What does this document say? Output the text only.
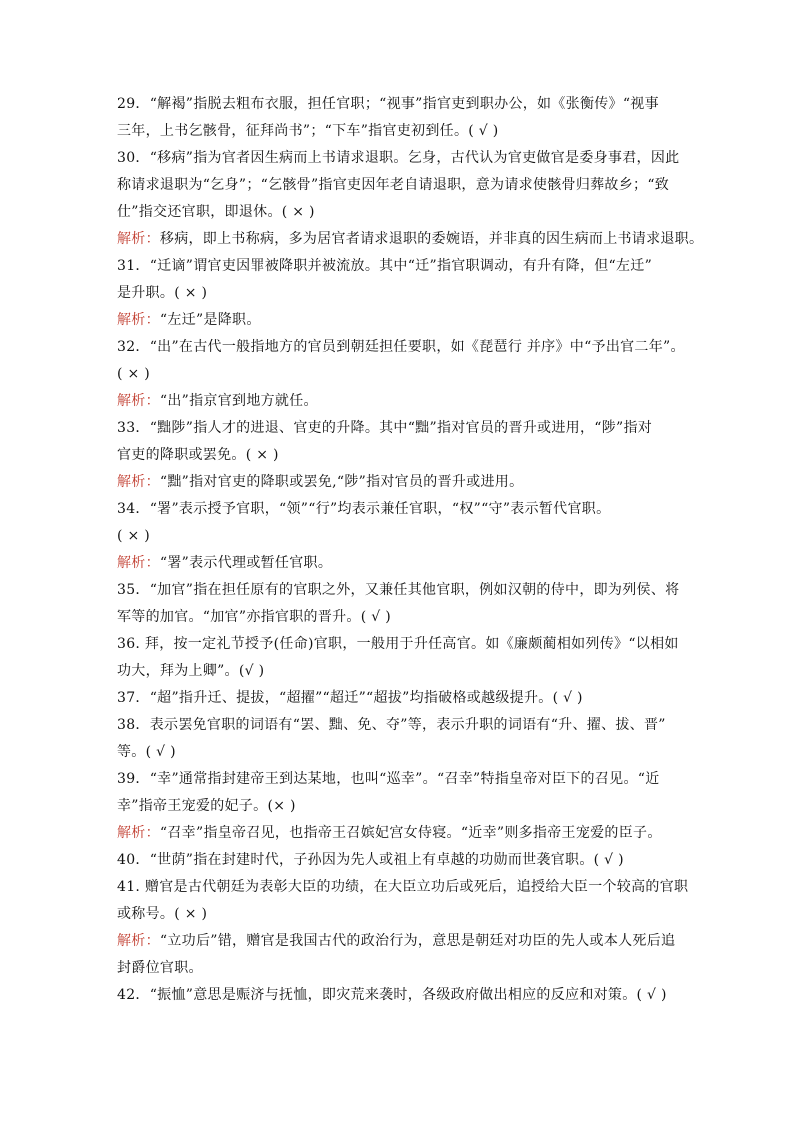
29．“解褐”指脱去粗布衣服，担任官职；“视事”指官吏到职办公，如《张衡传》“视事
三年，上书乞骸骨，征拜尚书”；“下车”指官吏初到任。( √ )
30．“移病”指为官者因生病而上书请求退职。乞身，古代认为官吏做官是委身事君，因此
称请求退职为“乞身”；“乞骸骨”指官吏因年老自请退职，意为请求使骸骨归葬故乡；“致
仕”指交还官职，即退休。( × )
解析：移病，即上书称病，多为居官者请求退职的委婉语，并非真的因生病而上书请求退职。
31．“迁谪”谓官吏因罪被降职并被流放。其中“迁”指官职调动，有升有降，但“左迁”
是升职。( × )
解析：“左迁”是降职。
32．“出”在古代一般指地方的官员到朝廷担任要职，如《琵琶行 并序》中“予出官二年”。
( × )
解析：“出”指京官到地方就任。
33．“黜陟”指人才的进退、官吏的升降。其中“黜”指对官员的晋升或进用，“陟”指对
官吏的降职或罢免。( × )
解析：“黜”指对官吏的降职或罢免,“陟”指对官员的晋升或进用。
34．“署”表示授予官职，“领”“行”均表示兼任官职，“权”“守”表示暂代官职。
( × )
解析：“署”表示代理或暂任官职。
35．“加官”指在担任原有的官职之外，又兼任其他官职，例如汉朝的侍中，即为列侯、将
军等的加官。“加官”亦指官职的晋升。( √ )
36. 拜，按一定礼节授予(任命)官职，一般用于升任高官。如《廉颇蔺相如列传》“以相如
功大，拜为上卿”。(√ )
37．“超”指升迁、提拔，“超擢”“超迁”“超拔”均指破格或越级提升。( √ )
38．表示罢免官职的词语有“罢、黜、免、夺”等，表示升职的词语有“升、擢、拔、晋”
等。( √ )
39．“幸”通常指封建帝王到达某地，也叫“巡幸”。“召幸”特指皇帝对臣下的召见。“近
幸”指帝王宠爱的妃子。(× )
解析：“召幸”指皇帝召见，也指帝王召嫔妃宫女侍寝。“近幸”则多指帝王宠爱的臣子。
40．“世荫”指在封建时代，子孙因为先人或祖上有卓越的功勋而世袭官职。( √ )
41. 赠官是古代朝廷为表彰大臣的功绩，在大臣立功后或死后，追授给大臣一个较高的官职
或称号。( × )
解析：“立功后”错，赠官是我国古代的政治行为，意思是朝廷对功臣的先人或本人死后追
封爵位官职。
42．“振恤”意思是赈济与抚恤，即灾荒来袭时，各级政府做出相应的反应和对策。( √ )
